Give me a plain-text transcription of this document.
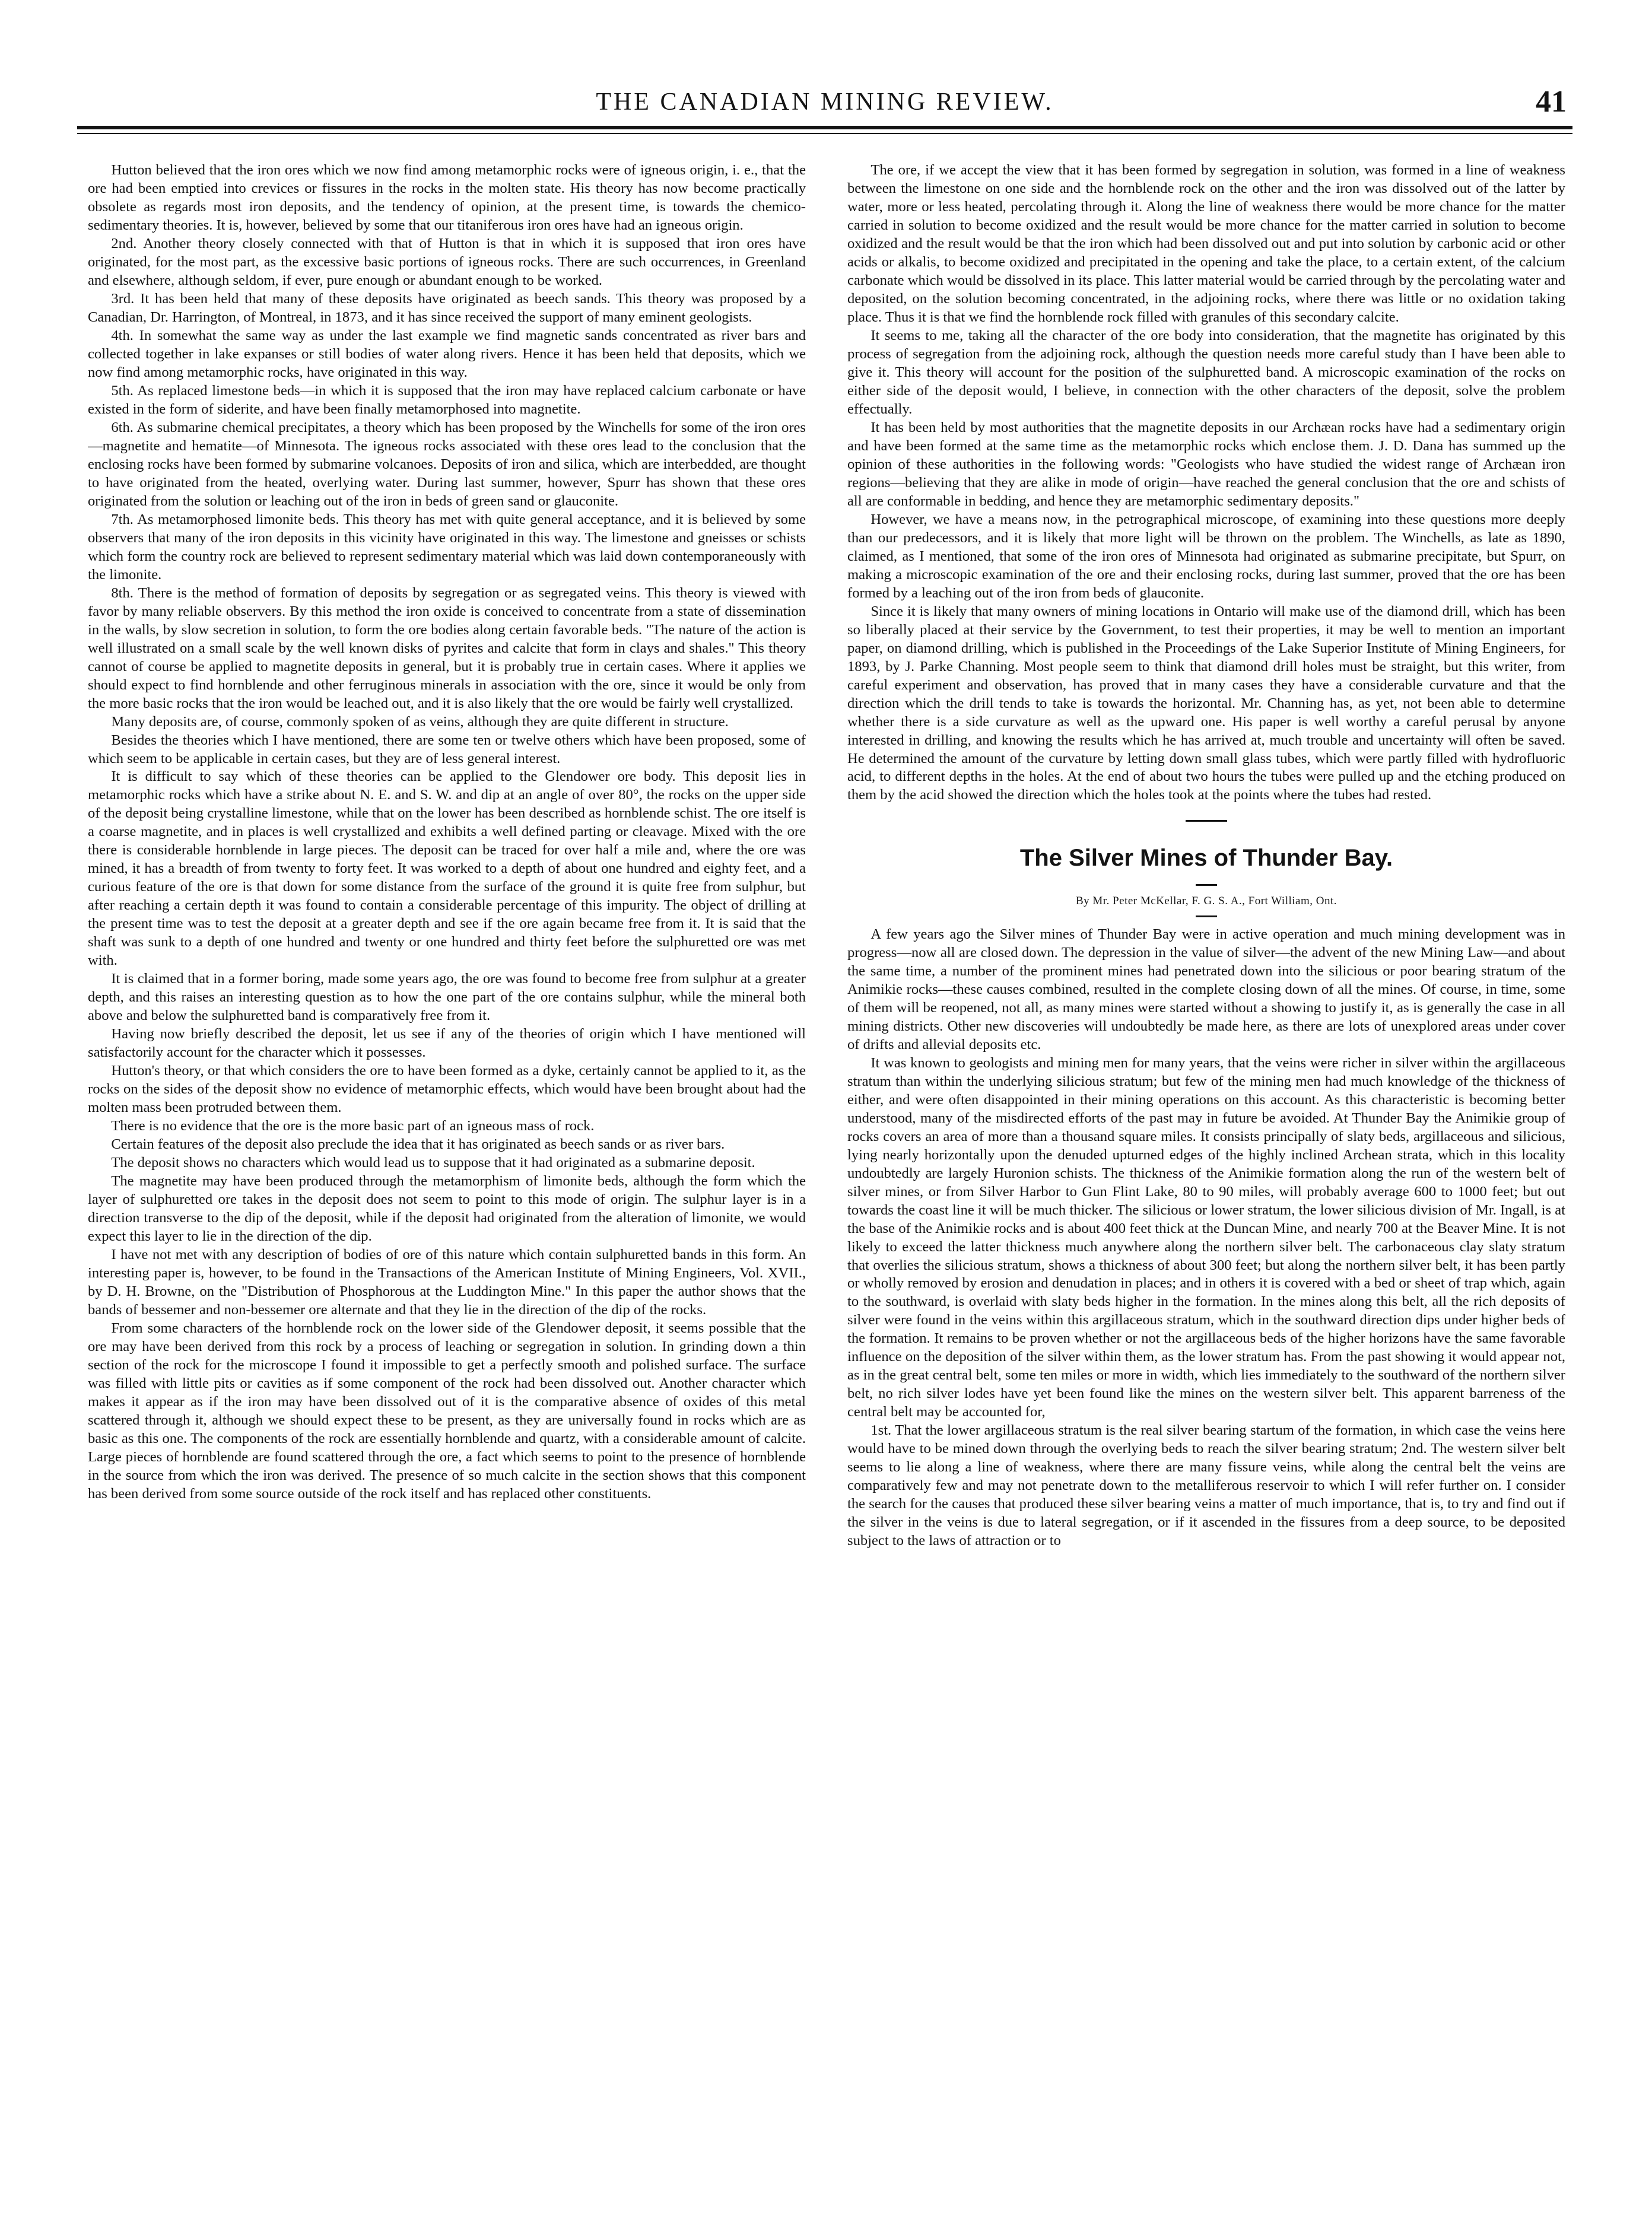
THE CANADIAN MINING REVIEW.	41

Hutton believed that the iron ores which we now find among metamorphic rocks were of igneous origin, i. e., that the ore had been emptied into crevices or fissures in the rocks in the molten state. His theory has now become practically obsolete as regards most iron deposits, and the tendency of opinion, at the present time, is towards the chemico-sedimentary theories. It is, however, believed by some that our titaniferous iron ores have had an igneous origin.

2nd. Another theory closely connected with that of Hutton is that in which it is supposed that iron ores have originated, for the most part, as the excessive basic portions of igneous rocks. There are such occurrences, in Greenland and elsewhere, although seldom, if ever, pure enough or abundant enough to be worked.

3rd. It has been held that many of these deposits have originated as beech sands. This theory was proposed by a Canadian, Dr. Harrington, of Montreal, in 1873, and it has since received the support of many eminent geologists.

4th. In somewhat the same way as under the last example we find magnetic sands concentrated as river bars and collected together in lake expanses or still bodies of water along rivers. Hence it has been held that deposits, which we now find among metamorphic rocks, have originated in this way.

5th. As replaced limestone beds—in which it is supposed that the iron may have replaced calcium carbonate or have existed in the form of siderite, and have been finally metamorphosed into magnetite.

6th. As submarine chemical precipitates, a theory which has been proposed by the Winchells for some of the iron ores—magnetite and hematite—of Minnesota. The igneous rocks associated with these ores lead to the conclusion that the enclosing rocks have been formed by submarine volcanoes. Deposits of iron and silica, which are interbedded, are thought to have originated from the heated, overlying water. During last summer, however, Spurr has shown that these ores originated from the solution or leaching out of the iron in beds of green sand or glauconite.

7th. As metamorphosed limonite beds. This theory has met with quite general acceptance, and it is believed by some observers that many of the iron deposits in this vicinity have originated in this way. The limestone and gneisses or schists which form the country rock are believed to represent sedimentary material which was laid down contemporaneously with the limonite.

8th. There is the method of formation of deposits by segregation or as segregated veins. This theory is viewed with favor by many reliable observers. By this method the iron oxide is conceived to concentrate from a state of dissemination in the walls, by slow secretion in solution, to form the ore bodies along certain favorable beds. "The nature of the action is well illustrated on a small scale by the well known disks of pyrites and calcite that form in clays and shales." This theory cannot of course be applied to magnetite deposits in general, but it is probably true in certain cases. Where it applies we should expect to find hornblende and other ferruginous minerals in association with the ore, since it would be only from the more basic rocks that the iron would be leached out, and it is also likely that the ore would be fairly well crystallized.

Many deposits are, of course, commonly spoken of as veins, although they are quite different in structure.

Besides the theories which I have mentioned, there are some ten or twelve others which have been proposed, some of which seem to be applicable in certain cases, but they are of less general interest.

It is difficult to say which of these theories can be applied to the Glendower ore body. This deposit lies in metamorphic rocks which have a strike about N. E. and S. W. and dip at an angle of over 80°, the rocks on the upper side of the deposit being crystalline limestone, while that on the lower has been described as hornblende schist. The ore itself is a coarse magnetite, and in places is well crystallized and exhibits a well defined parting or cleavage. Mixed with the ore there is considerable hornblende in large pieces. The deposit can be traced for over half a mile and, where the ore was mined, it has a breadth of from twenty to forty feet. It was worked to a depth of about one hundred and eighty feet, and a curious feature of the ore is that down for some distance from the surface of the ground it is quite free from sulphur, but after reaching a certain depth it was found to contain a considerable percentage of this impurity. The object of drilling at the present time was to test the deposit at a greater depth and see if the ore again became free from it. It is said that the shaft was sunk to a depth of one hundred and twenty or one hundred and thirty feet before the sulphuretted ore was met with.

It is claimed that in a former boring, made some years ago, the ore was found to become free from sulphur at a greater depth, and this raises an interesting question as to how the one part of the ore contains sulphur, while the mineral both above and below the sulphuretted band is comparatively free from it.

Having now briefly described the deposit, let us see if any of the theories of origin which I have mentioned will satisfactorily account for the character which it possesses.

Hutton's theory, or that which considers the ore to have been formed as a dyke, certainly cannot be applied to it, as the rocks on the sides of the deposit show no evidence of metamorphic effects, which would have been brought about had the molten mass been protruded between them.

There is no evidence that the ore is the more basic part of an igneous mass of rock.

Certain features of the deposit also preclude the idea that it has originated as beech sands or as river bars.

The deposit shows no characters which would lead us to suppose that it had originated as a submarine deposit.

The magnetite may have been produced through the metamorphism of limonite beds, although the form which the layer of sulphuretted ore takes in the deposit does not seem to point to this mode of origin. The sulphur layer is in a direction transverse to the dip of the deposit, while if the deposit had originated from the alteration of limonite, we would expect this layer to lie in the direction of the dip.

I have not met with any description of bodies of ore of this nature which contain sulphuretted bands in this form. An interesting paper is, however, to be found in the Transactions of the American Institute of Mining Engineers, Vol. XVII., by D. H. Browne, on the "Distribution of Phosphorous at the Luddington Mine." In this paper the author shows that the bands of bessemer and non-bessemer ore alternate and that they lie in the direction of the dip of the rocks.

From some characters of the hornblende rock on the lower side of the Glendower deposit, it seems possible that the ore may have been derived from this rock by a process of leaching or segregation in solution. In grinding down a thin section of the rock for the microscope I found it impossible to get a perfectly smooth and polished surface. The surface was filled with little pits or cavities as if some component of the rock had been dissolved out. Another character which makes it appear as if the iron may have been dissolved out of it is the comparative absence of oxides of this metal scattered through it, although we should expect these to be present, as they are universally found in rocks which are as basic as this one. The components of the rock are essentially hornblende and quartz, with a considerable amount of calcite. Large pieces of hornblende are found scattered through the ore, a fact which seems to point to the presence of hornblende in the source from which the iron was derived. The presence of so much calcite in the section shows that this component has been derived from some source outside of the rock itself and has replaced other constituents.

The ore, if we accept the view that it has been formed by segregation in solution, was formed in a line of weakness between the limestone on one side and the hornblende rock on the other and the iron was dissolved out of the latter by water, more or less heated, percolating through it. Along the line of weakness there would be more chance for the matter carried in solution to become oxidized and the result would be more chance for the matter carried in solution to become oxidized and the result would be that the iron which had been dissolved out and put into solution by carbonic acid or other acids or alkalis, to become oxidized and precipitated in the opening and take the place, to a certain extent, of the calcium carbonate which would be dissolved in its place. This latter material would be carried through by the percolating water and deposited, on the solution becoming concentrated, in the adjoining rocks, where there was little or no oxidation taking place. Thus it is that we find the hornblende rock filled with granules of this secondary calcite.

It seems to me, taking all the character of the ore body into consideration, that the magnetite has originated by this process of segregation from the adjoining rock, although the question needs more careful study than I have been able to give it. This theory will account for the position of the sulphuretted band. A microscopic examination of the rocks on either side of the deposit would, I believe, in connection with the other characters of the deposit, solve the problem effectually.

It has been held by most authorities that the magnetite deposits in our Archæan rocks have had a sedimentary origin and have been formed at the same time as the metamorphic rocks which enclose them. J. D. Dana has summed up the opinion of these authorities in the following words: "Geologists who have studied the widest range of Archæan iron regions—believing that they are alike in mode of origin—have reached the general conclusion that the ore and schists of all are conformable in bedding, and hence they are metamorphic sedimentary deposits."

However, we have a means now, in the petrographical microscope, of examining into these questions more deeply than our predecessors, and it is likely that more light will be thrown on the problem. The Winchells, as late as 1890, claimed, as I mentioned, that some of the iron ores of Minnesota had originated as submarine precipitate, but Spurr, on making a microscopic examination of the ore and their enclosing rocks, during last summer, proved that the ore has been formed by a leaching out of the iron from beds of glauconite.

Since it is likely that many owners of mining locations in Ontario will make use of the diamond drill, which has been so liberally placed at their service by the Government, to test their properties, it may be well to mention an important paper, on diamond drilling, which is published in the Proceedings of the Lake Superior Institute of Mining Engineers, for 1893, by J. Parke Channing. Most people seem to think that diamond drill holes must be straight, but this writer, from careful experiment and observation, has proved that in many cases they have a considerable curvature and that the direction which the drill tends to take is towards the horizontal. Mr. Channing has, as yet, not been able to determine whether there is a side curvature as well as the upward one. His paper is well worthy a careful perusal by anyone interested in drilling, and knowing the results which he has arrived at, much trouble and uncertainty will often be saved. He determined the amount of the curvature by letting down small glass tubes, which were partly filled with hydrofluoric acid, to different depths in the holes. At the end of about two hours the tubes were pulled up and the etching produced on them by the acid showed the direction which the holes took at the points where the tubes had rested.

The Silver Mines of Thunder Bay.
By Mr. Peter McKellar, F. G. S. A., Fort William, Ont.

A few years ago the Silver mines of Thunder Bay were in active operation and much mining development was in progress—now all are closed down. The depression in the value of silver—the advent of the new Mining Law—and about the same time, a number of the prominent mines had penetrated down into the silicious or poor bearing stratum of the Animikie rocks—these causes combined, resulted in the complete closing down of all the mines. Of course, in time, some of them will be reopened, not all, as many mines were started without a showing to justify it, as is generally the case in all mining districts. Other new discoveries will undoubtedly be made here, as there are lots of unexplored areas under cover of drifts and allevial deposits etc.

It was known to geologists and mining men for many years, that the veins were richer in silver within the argillaceous stratum than within the underlying silicious stratum; but few of the mining men had much knowledge of the thickness of either, and were often disappointed in their mining operations on this account. As this characteristic is becoming better understood, many of the misdirected efforts of the past may in future be avoided. At Thunder Bay the Animikie group of rocks covers an area of more than a thousand square miles. It consists principally of slaty beds, argillaceous and silicious, lying nearly horizontally upon the denuded upturned edges of the highly inclined Archean strata, which in this locality undoubtedly are largely Huronion schists. The thickness of the Animikie formation along the run of the western belt of silver mines, or from Silver Harbor to Gun Flint Lake, 80 to 90 miles, will probably average 600 to 1000 feet; but out towards the coast line it will be much thicker. The silicious or lower stratum, the lower silicious division of Mr. Ingall, is at the base of the Animikie rocks and is about 400 feet thick at the Duncan Mine, and nearly 700 at the Beaver Mine. It is not likely to exceed the latter thickness much anywhere along the northern silver belt. The carbonaceous clay slaty stratum that overlies the silicious stratum, shows a thickness of about 300 feet; but along the northern silver belt, it has been partly or wholly removed by erosion and denudation in places; and in others it is covered with a bed or sheet of trap which, again to the southward, is overlaid with slaty beds higher in the formation. In the mines along this belt, all the rich deposits of silver were found in the veins within this argillaceous stratum, which in the southward direction dips under higher beds of the formation. It remains to be proven whether or not the argillaceous beds of the higher horizons have the same favorable influence on the deposition of the silver within them, as the lower stratum has. From the past showing it would appear not, as in the great central belt, some ten miles or more in width, which lies immediately to the southward of the northern silver belt, no rich silver lodes have yet been found like the mines on the western silver belt. This apparent barreness of the central belt may be accounted for,

1st. That the lower argillaceous stratum is the real silver bearing startum of the formation, in which case the veins here would have to be mined down through the overlying beds to reach the silver bearing stratum; 2nd. The western silver belt seems to lie along a line of weakness, where there are many fissure veins, while along the central belt the veins are comparatively few and may not penetrate down to the metalliferous reservoir to which I will refer further on. I consider the search for the causes that produced these silver bearing veins a matter of much importance, that is, to try and find out if the silver in the veins is due to lateral segregation, or if it ascended in the fissures from a deep source, to be deposited subject to the laws of attraction or to
